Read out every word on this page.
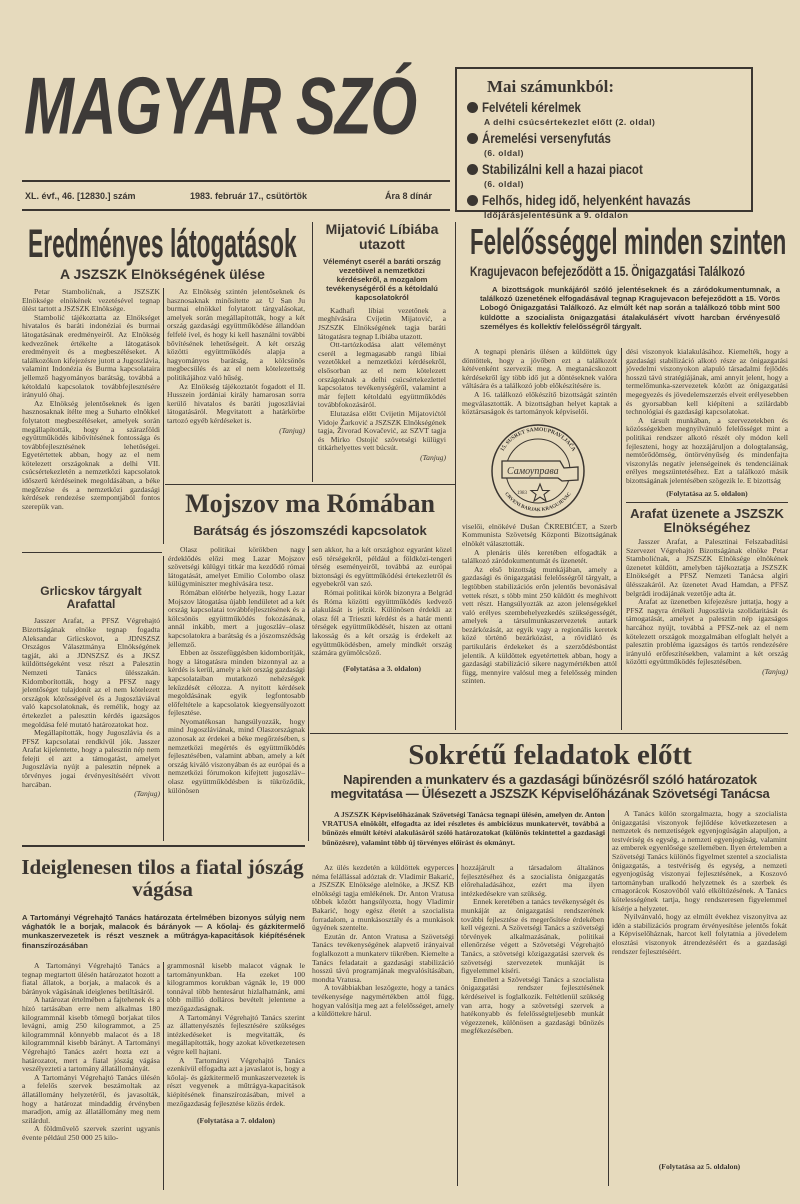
MAGYAR SZÓ
XL. évf., 46. [12830.] szám	1983. február 17., csütörtök	Ára 8 dínár
Mai számunkból:
Felvételi kérelmek
A delhi csúcsértekezlet előtt (2. oldal)
Áremelési versenyfutás
(6. oldal)
Stabilizálni kell a hazai piacot
(6. oldal)
Felhős, hideg idő, helyenként havazás
Időjárásjelentésünk a 9. oldalon
Eredményes látogatások
A JSZSZK Elnökségének ülése

Petar Stambolićnak, a JSZSZK Elnöksége elnökének vezetésével tegnap ülést tartott a JSZSZK Elnöksége.

Stambolić tájékoztatta az Elnökséget hivatalos és baráti indonéziai és burmai látogatásának eredményeiről. Az Elnökség kedvezőnek értékelte a látogatások eredményeit és a megbeszéléseket. A találkozókon kifejezésre jutott a Jugoszlávia, valamint Indonézia és Burma kapcsolataira jellemző hagyományos barátság, továbbá a kétoldalú kapcsolatok továbbfejlesztésére irányuló óhaj.

Az Elnökség jelentőseknek és igen hasznosaknak ítélte meg a Suharto elnökkel folytatott megbeszéléseket, amelyek során megállapították, hogy a szárazföldi együttműködés kibővítésének fontossága és továbbfejlesztésének lehetőségei. Egyetértettek abban, hogy az el nem kötelezett országoknak a delhi VII. csúcsértekezletén a nemzetközi kapcsolatok időszerű kérdéseinek megoldásában, a béke megőrzése és a nemzetközi gazdasági kérdések rendezése szempontjából fontos szerepük van.

Az Elnökség szintén jelentőseknek és hasznosaknak minősítette az U San Ju burmai elnökkel folytatott tárgyalásokat, amelyek során megállapították, hogy a két ország gazdasági együttműködése állandóan felfelé ível, és hogy ki kell használni további bővítésének lehetőségeit. A két ország közötti együttműködés alapja a hagyományos barátság, a kölcsönös megbecsülés és az el nem kötelezettség politikájához való hűség.

Az Elnökség tájékoztatót fogadott el II. Husszein jordániai király hamarosan sorra kerülő hivatalos és baráti jugoszláviai látogatásáról. Megvitatott a határkörbe tartozó egyéb kérdéseket is.

(Tanjug)
Mijatović Líbiába utazott
Véleményt cserél a baráti ország vezetőivel a nemzetközi kérdésekről, a mozgalom tevékenységéről és a kétoldalú kapcsolatokról

Kadhafi líbiai vezetőnek a meghívására Cvijetin Mijatović, a JSZSZK Elnökségének tagja baráti látogatásra tegnap Líbiába utazott.

Ott-tartózkodása alatt véleményt cserél a legmagasabb rangú líbiai vezetőkkel a nemzetközi kérdésekről, elsősorban az el nem kötelezett országoknak a delhi csúcsértekezlettel kapcsolatos tevékenységéről, valamint a már fejlett kétoldalú együttműködés továbbfokozásáról.

Elutazása előtt Cvijetin Mijatovićtól Vidoje Žarković a JSZSZK Elnökségének tagja, Živorad Kovačević, az SZVT tagja és Mirko Ostojić szövetségi külügyi titkárhelyettes vett búcsút.

(Tanjug)
Felelősséggel minden szinten
Kragujevacon befejeződött a 15. Önigazgatási Találkozó

A bizottságok munkájáról szóló jelentéseknek és a záródokumentumnak, a találkozó üzenetének elfogadásával tegnap Kragujevacon befejeződött a 15. Vörös Lobogó Önigazgatási Találkozó. Az elmúlt két nap során a találkozó több mint 500 küldötte a szocialista önigazgatási átalakulásért vívott harcban érvényesülő személyes és kollektív felelősségről tárgyalt.

A tegnapi plenáris ülésen a küldöttek úgy döntöttek, hogy a jövőben ezt a találkozót kétévenként szervezik meg. A megtanácskozott kérdésekről így több idő jut a döntéseknek valóra váltására és a találkozó jobb előkészítésére is.

A 16. találkozó előkészítő bizottságát szintén megválasztották. A bizottságban helyet kaptak a köztársaságok és tartományok képviselői.

15. SUSRET SAMOUPRAVLJAČA
CRVENI BARJAK KRAGUJEVAC
Самоуправа
1983

viselői, elnökévé Dušan ČKREBIĆET, a Szerb Kommunista Szövetség Központi Bizottságának elnökét választották.

A plenáris ülés keretében elfogadták a találkozó záródokumentumát és üzenetét.

Az első bizottság munkájában, amely a gazdasági és önigazgatási felelősségről tárgyalt, a legtöbben stabilizációs erőn jelentős bevonásával vettek részt, s több mint 250 küldött és meghívott vett részt. Hangsúlyozták az azon jelenségekkel való erélyes szembehelyezkedés szükségességét, amelyek a társulmunkaszervezetek autark bezárkózását, az egyik vagy a regionális keretek közé történő bezárkózást, a rövidlátó és partikuláris érdekeket és a szerződésbontást jelentik. A küldöttek egyetértettek abban, hogy a gazdasági stabilizáció sikere nagymértékben attól függ, mennyire valósul meg a felelősség minden szinten.

dési viszonyok kialakulásához. Kiemelték, hogy a gazdasági stabilizáció alkotó része az önigazgatási jövedelmi viszonyokon alapuló társadalmi fejlődés hosszú távú stratégiájának, ami annyit jelent, hogy a termelőmunka-szervezetek között az önigazgatási megegyezés és jövedelemszerzés elveit erélyesebben és gyorsabban kell kiépíteni a szilárdabb technológiai és gazdasági kapcsolatokat.

A társult munkában, a szervezetekben és közösségekben megnyilvánuló felelősséget mint a politikai rendszer alkotó részét oly módon kell fejleszteni, hogy az hozzájáruljon a dologtalanság, nemtörődömség, öntörvényűség és mindenfajta viszonylás negatív jelenségeinek és tendenciáinak erélyes megszüntetéséhez. Ezt a találkozó másik bizottságának jelentésében szögezik le. E bizottság

(Folytatása az 5. oldalon)
Arafat üzenete a JSZSZK Elnökségéhez

Jasszer Arafat, a Palesztinai Felszabadítási Szervezet Végrehajtó Bizottságának elnöke Petar Stambolićnak, a JSZSZK Elnöksége elnökének üzenetet küldött, amelyben tájékoztatja a JSZSZK Elnökségét a PFSZ Nemzeti Tanácsa algíri ülésszakáról. Az üzenetet Avad Hamdan, a PFSZ belgrádi irodájának vezetője adta át.

Arafat az üzenetben kifejezésre juttatja, hogy a PFSZ nagyra értékeli Jugoszlávia szolidaritását és támogatását, amelyet a palesztin nép igazságos harcához nyújt, továbbá a PFSZ-nek az el nem kötelezett országok mozgalmában elfoglalt helyét a palesztin probléma igazságos és tartós rendezésére irányuló erőfeszítésekben, valamint a két ország közötti együttműködés fejlesztésében.

(Tanjug)
Grlicskov tárgyalt Arafattal

Jasszer Arafat, a PFSZ Végrehajtó Bizottságának elnöke tegnap fogadta Aleksandar Grlicskovot, a JDNSZSZ Országos Választmánya Elnökségének tagját, aki a JDNSZSZ és a JKSZ küldöttségeként vesz részt a Palesztin Nemzeti Tanács ülésszakán. Kidomborították, hogy a PFSZ nagy jelentőséget tulajdonít az el nem kötelezett országok közösségével és a Jugoszláviával való kapcsolatoknak, és remélik, hogy az értekezlet a palesztin kérdés igazságos megoldása felé mutató határozatokat hoz.

Megállapították, hogy Jugoszlávia és a PFSZ kapcsolatai rendkívül jók. Jasszer Arafat kijelentette, hogy a palesztin nép nem felejti el azt a támogatást, amelyet Jugoszlávia nyújt a palesztin népnek a törvényes jogai érvényesítéséért vívott harcában.

(Tanjug)
Mojszov ma Rómában
Barátság és jószomszédi kapcsolatok

Olasz politikai körökben nagy érdeklődés előzi meg Lazar Mojszov szövetségi külügyi titkár ma kezdődő római látogatását, amelyet Emilio Colombo olasz külügyminiszter meghívására tesz.

Rómában előtérbe helyezik, hogy Lazar Mojszov látogatása újabb lendületet ad a két ország kapcsolatai továbbfejlesztésének és a kölcsönös együttműködés fokozásának, annál inkább, mert a jugoszláv–olasz kapcsolatokra a barátság és a jószomszédság jellemző.

Ebben az összefüggésben kidomborítják, hogy a látogatásra minden bizonnyal az a kérdés is kerül, amely a két ország gazdasági kapcsolataiban mutatkozó nehézségek leküzdését célozza. A nyitott kérdések megoldásának egyik legfontosabb előfeltétele a kapcsolatok kiegyensúlyozott fejlesztése.

Nyomatékosan hangsúlyozzák, hogy mind Jugoszláviának, mind Olaszországnak azonosak az érdekei a béke megőrzésében, s nemzetközi megértés és együttműködés fejlesztésében, valamint abban, amely a két ország kiváló viszonyában és az európai és a nemzetközi fórumokon kifejtett jugoszláv–olasz együttműködésben is tükröződik, különösen

sen akkor, ha a két országhoz egyaránt közel eső térségekről, például a földközi-tengeri térség eseményeiről, továbbá az európai biztonsági és együttműködési értekezletről és egyebekről van szó.

Római politikai körök bizonyra a Belgrád és Róma közötti együttműködés kedvező alakulását is jelzik. Különösen érdekli az olasz fél a Trieszti kérdést és a határ menti térségek együttműködését, hiszen az ottani lakosság és a két ország is érdekelt az együttműködésben, amely mindkét ország számára gyümölcsöző.

(Folytatása a 3. oldalon)
Sokrétű feladatok előtt
Napirenden a munkaterv és a gazdasági bűnözésről szóló határozatok megvitatása — Ülésezett a JSZSZK Képviselőházának Szövetségi Tanácsa

A JSZSZK Képviselőházának Szövetségi Tanácsa tegnapi ülésén, amelyen dr. Anton VRATUSA elnökölt, elfogadta az idei részletes és ambiciózus munkatervét, továbbá a bűnözés elmúlt kétévi alakulásáról szóló határozatokat (különös tekintettel a gazdasági bűnözésre), valamint több új törvényes előírást és okmányt.

Az ülés kezdetén a küldöttek egyperces néma felállással adóztak dr. Vladimir Bakarić, a JSZSZK Elnöksége alelnöke, a JKSZ KB elnökségi tagja emlékének. Dr. Anton Vratusa többek között hangsúlyozta, hogy Vladimir Bakarić, hogy egész életét a szocialista forradalom, a munkásosztály és a munkások ügyének szentelte.

Ezután dr. Anton Vratusa a Szövetségi Tanács tevékenységének alapvető irányaival foglalkozott a munkaterv tükrében. Kiemelte a Tanács feladatait a gazdasági stabilizáció hosszú távú programjának megvalósításában, mondta Vratusa.

A továbbiakban leszögezte, hogy a tanács tevékenysége nagymértékben attól függ, hogyan valósítja meg azt a felelősséget, amely a küldöttekre hárul.

hozzájárult a társadalom általános fejlesztéséhez és a szocialista önigazgatás előrehaladásához, ezért ma ilyen intézkedésekre van szükség.

Ennek keretében a tanács tevékenységét és munkáját az önigazgatási rendszerének további fejlesztése és megerősítése érdekében kell végezni. A Szövetségi Tanács a szövetségi törvények alkalmazásának, politikai ellenőrzése végett a Szövetségi Végrehajtó Tanács, a szövetségi közigazgatási szervek és szövetségi szervezetek munkáját is figyelemmel kíséri.

Emellett a Szövetségi Tanács a szocialista önigazgatási rendszer fejlesztésének kérdéseivel is foglalkozik. Feltétlenül szükség van arra, hogy a szövetségi szervek a hatékonyabb és felelősségteljesebb munkát végezzenek, különösen a gazdasági bűnözés megfékezésében.

A Tanács külön szorgalmazta, hogy a szocialista önigazgatási viszonyok fejlődése következetesen a nemzetek és nemzetiségek egyenjogúságán alapuljon, a testvériség és egység, a nemzeti egyenjogúság, valamint az emberek egyenlősége szellemében. Ilyen értelemben a Szövetségi Tanács különös figyelmet szentel a szocialista önigazgatás, a testvériség és egység, a nemzeti egyenjogúság viszonyai fejlesztésének, a Koszovó tartományban uralkodó helyzetnek és a szerbek és crnagorácok Koszovóból való elköltözésének. A Tanács kötelességének tartja, hogy rendszeresen figyelemmel kísérje a helyzetet.

Nyilvánvaló, hogy az elmúlt évekhez viszonyítva az idén a stabilizációs program érvényesítése jelentős fokát a Képviselőháznak, harcot kell folytatnia a jövedelem elosztási viszonyok átrendezéséért és a gazdasági rendszer fejlesztéséért.

(Folytatása az 5. oldalon)
Ideiglenesen tilos a fiatal jószág vágása

A Tartományi Végrehajtó Tanács határozata értelmében bizonyos súlyig nem vághatók le a borjak, malacok és bárányok — A kőolaj- és gázkitermelő munkaszervezetek is részt vesznek a műtrágya-kapacitások kiépítésének finanszírozásában

A Tartományi Végrehajtó Tanács a tegnap megtartott ülésén határozatot hozott a fiatal állatok, a borjak, a malacok és a bárányok vágásának ideiglenes betiltásáról.

A határozat értelmében a fajtehenek és a hízó tartásában erre nem alkalmas 180 kilogrammnál kisebb tömegű borjakat tilos levágni, amig 250 kilogrammot, a 25 kilogrammnál könnyebb malacot és a 18 kilogrammnál kisebb bárányt. A Tartományi Végrehajtó Tanács azért hozta ezt a határozatot, mert a fiatal jószág vágása veszélyezteti a tartomány állatállományát.

A Tartományi Végrehajtó Tanács ülésén a felelős szervek beszámoltak az állatállomány helyzetéről, és javasolták, hogy a határozat mindaddig érvényben maradjon, amíg az állatállomány meg nem szilárdul.

A földművelő szervek szerint ugyanis évente például 250 000 25 kilo-

grammosnál kisebb malacot vágnak le tartományunkban. Ha ezeket 100 kilogrammos korukban vágnák le, 19 000 tonnával több hentesárut hizlalhatnánk, ami több millió dolláros bevételt jelentene a mezőgazdaságnak.

A Tartományi Végrehajtó Tanács szerint az állattenyésztés fejlesztésére szükséges intézkedéseket is megvitatták, és megállapították, hogy azokat következetesen végre kell hajtani.

A Tartományi Végrehajtó Tanács ezenkívül elfogadta azt a javaslatot is, hogy a kőolaj- és gázkitermelő munkaszervezetek is részt vegyenek a műtrágya-kapacitások kiépítésének finanszírozásában, mivel a mezőgazdaság fejlesztése közös érdek.

(Folytatása a 7. oldalon)
